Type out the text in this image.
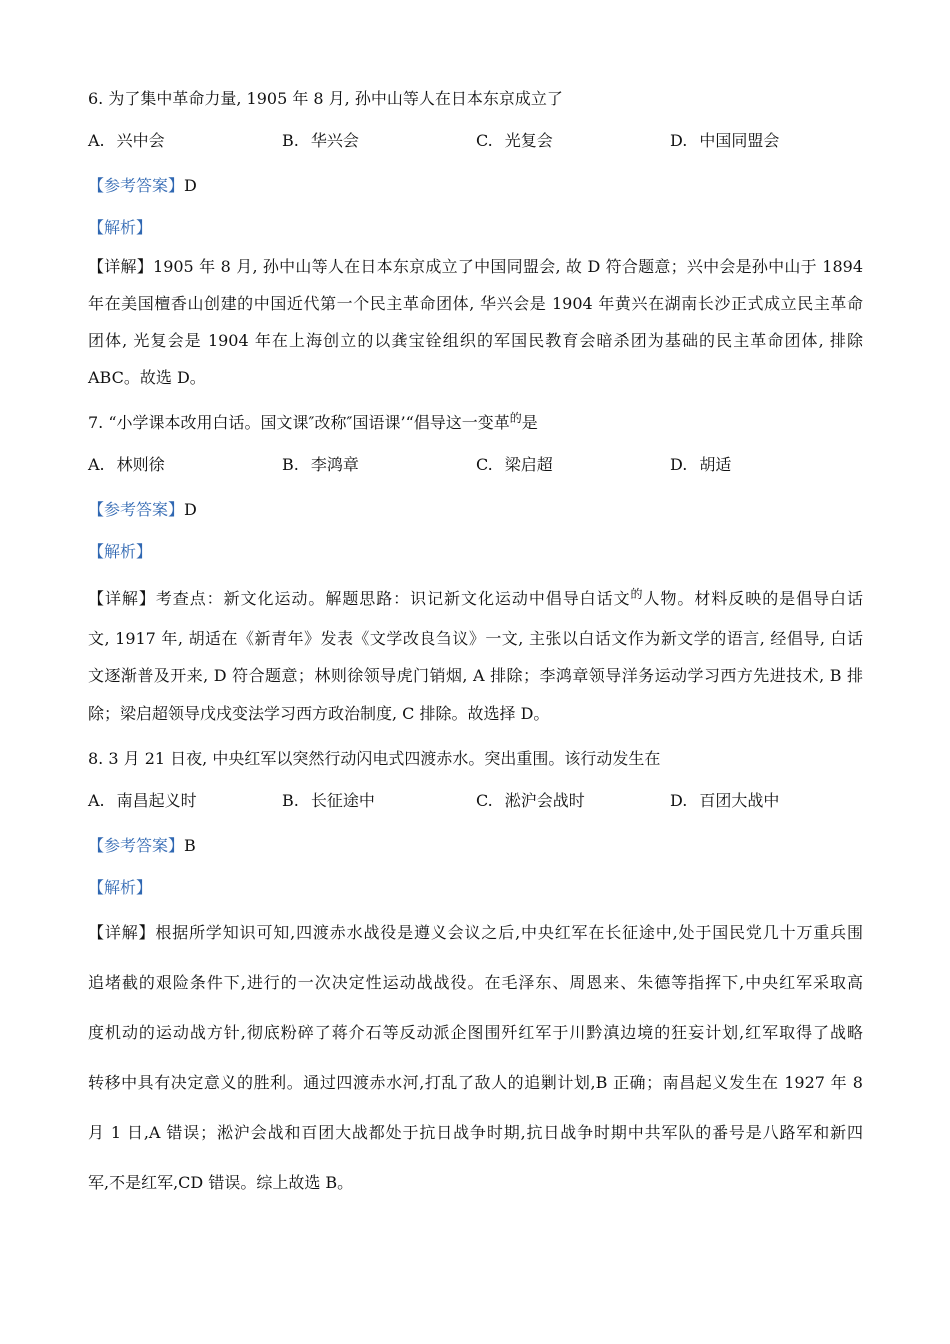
6. 为了集中革命力量, 1905 年 8 月, 孙中山等人在日本东京成立了
A. 兴中会	B. 华兴会	C. 光复会	D. 中国同盟会
【参考答案】D
【解析】
【详解】1905 年 8 月, 孙中山等人在日本东京成立了中国同盟会, 故 D 符合题意；兴中会是孙中山于 1894
年在美国檀香山创建的中国近代第一个民主革命团体, 华兴会是 1904 年黄兴在湖南长沙正式成立民主革命
团体, 光复会是 1904 年在上海创立的以龚宝铨组织的军国民教育会暗杀团为基础的民主革命团体, 排除
ABC。故选 D。
7. “小学课本改用白话。国文课″改称″国语课’“倡导这一变革$^的$是
A. 林则徐	B. 李鸿章	C. 梁启超	D. 胡适
【参考答案】D
【解析】
【详解】考查点：新文化运动。解题思路：识记新文化运动中倡导白话文$^的$人物。材料反映的是倡导白话
文, 1917 年, 胡适在《新青年》发表《文学改良刍议》一文, 主张以白话文作为新文学的语言, 经倡导, 白话
文逐渐普及开来, D 符合题意；林则徐领导虎门销烟, A 排除；李鸿章领导洋务运动学习西方先进技术, B 排
除；梁启超领导戊戌变法学习西方政治制度, C 排除。故选择 D。
8. 3 月 21 日夜, 中央红军以突然行动闪电式四渡赤水。突出重围。该行动发生在
A. 南昌起义时	B. 长征途中	C. 淞沪会战时	D. 百团大战中
【参考答案】B
【解析】
【详解】根据所学知识可知,四渡赤水战役是遵义会议之后,中央红军在长征途中,处于国民党几十万重兵围
追堵截的艰险条件下,进行的一次决定性运动战战役。在毛泽东、周恩来、朱德等指挥下,中央红军采取高
度机动的运动战方针,彻底粉碎了蒋介石等反动派企图围歼红军于川黔滇边境的狂妄计划,红军取得了战略
转移中具有决定意义的胜利。通过四渡赤水河,打乱了敌人的追剿计划,B 正确；南昌起义发生在 1927 年 8
月 1 日,A 错误；淞沪会战和百团大战都处于抗日战争时期,抗日战争时期中共军队的番号是八路军和新四
军,不是红军,CD 错误。综上故选 B。
